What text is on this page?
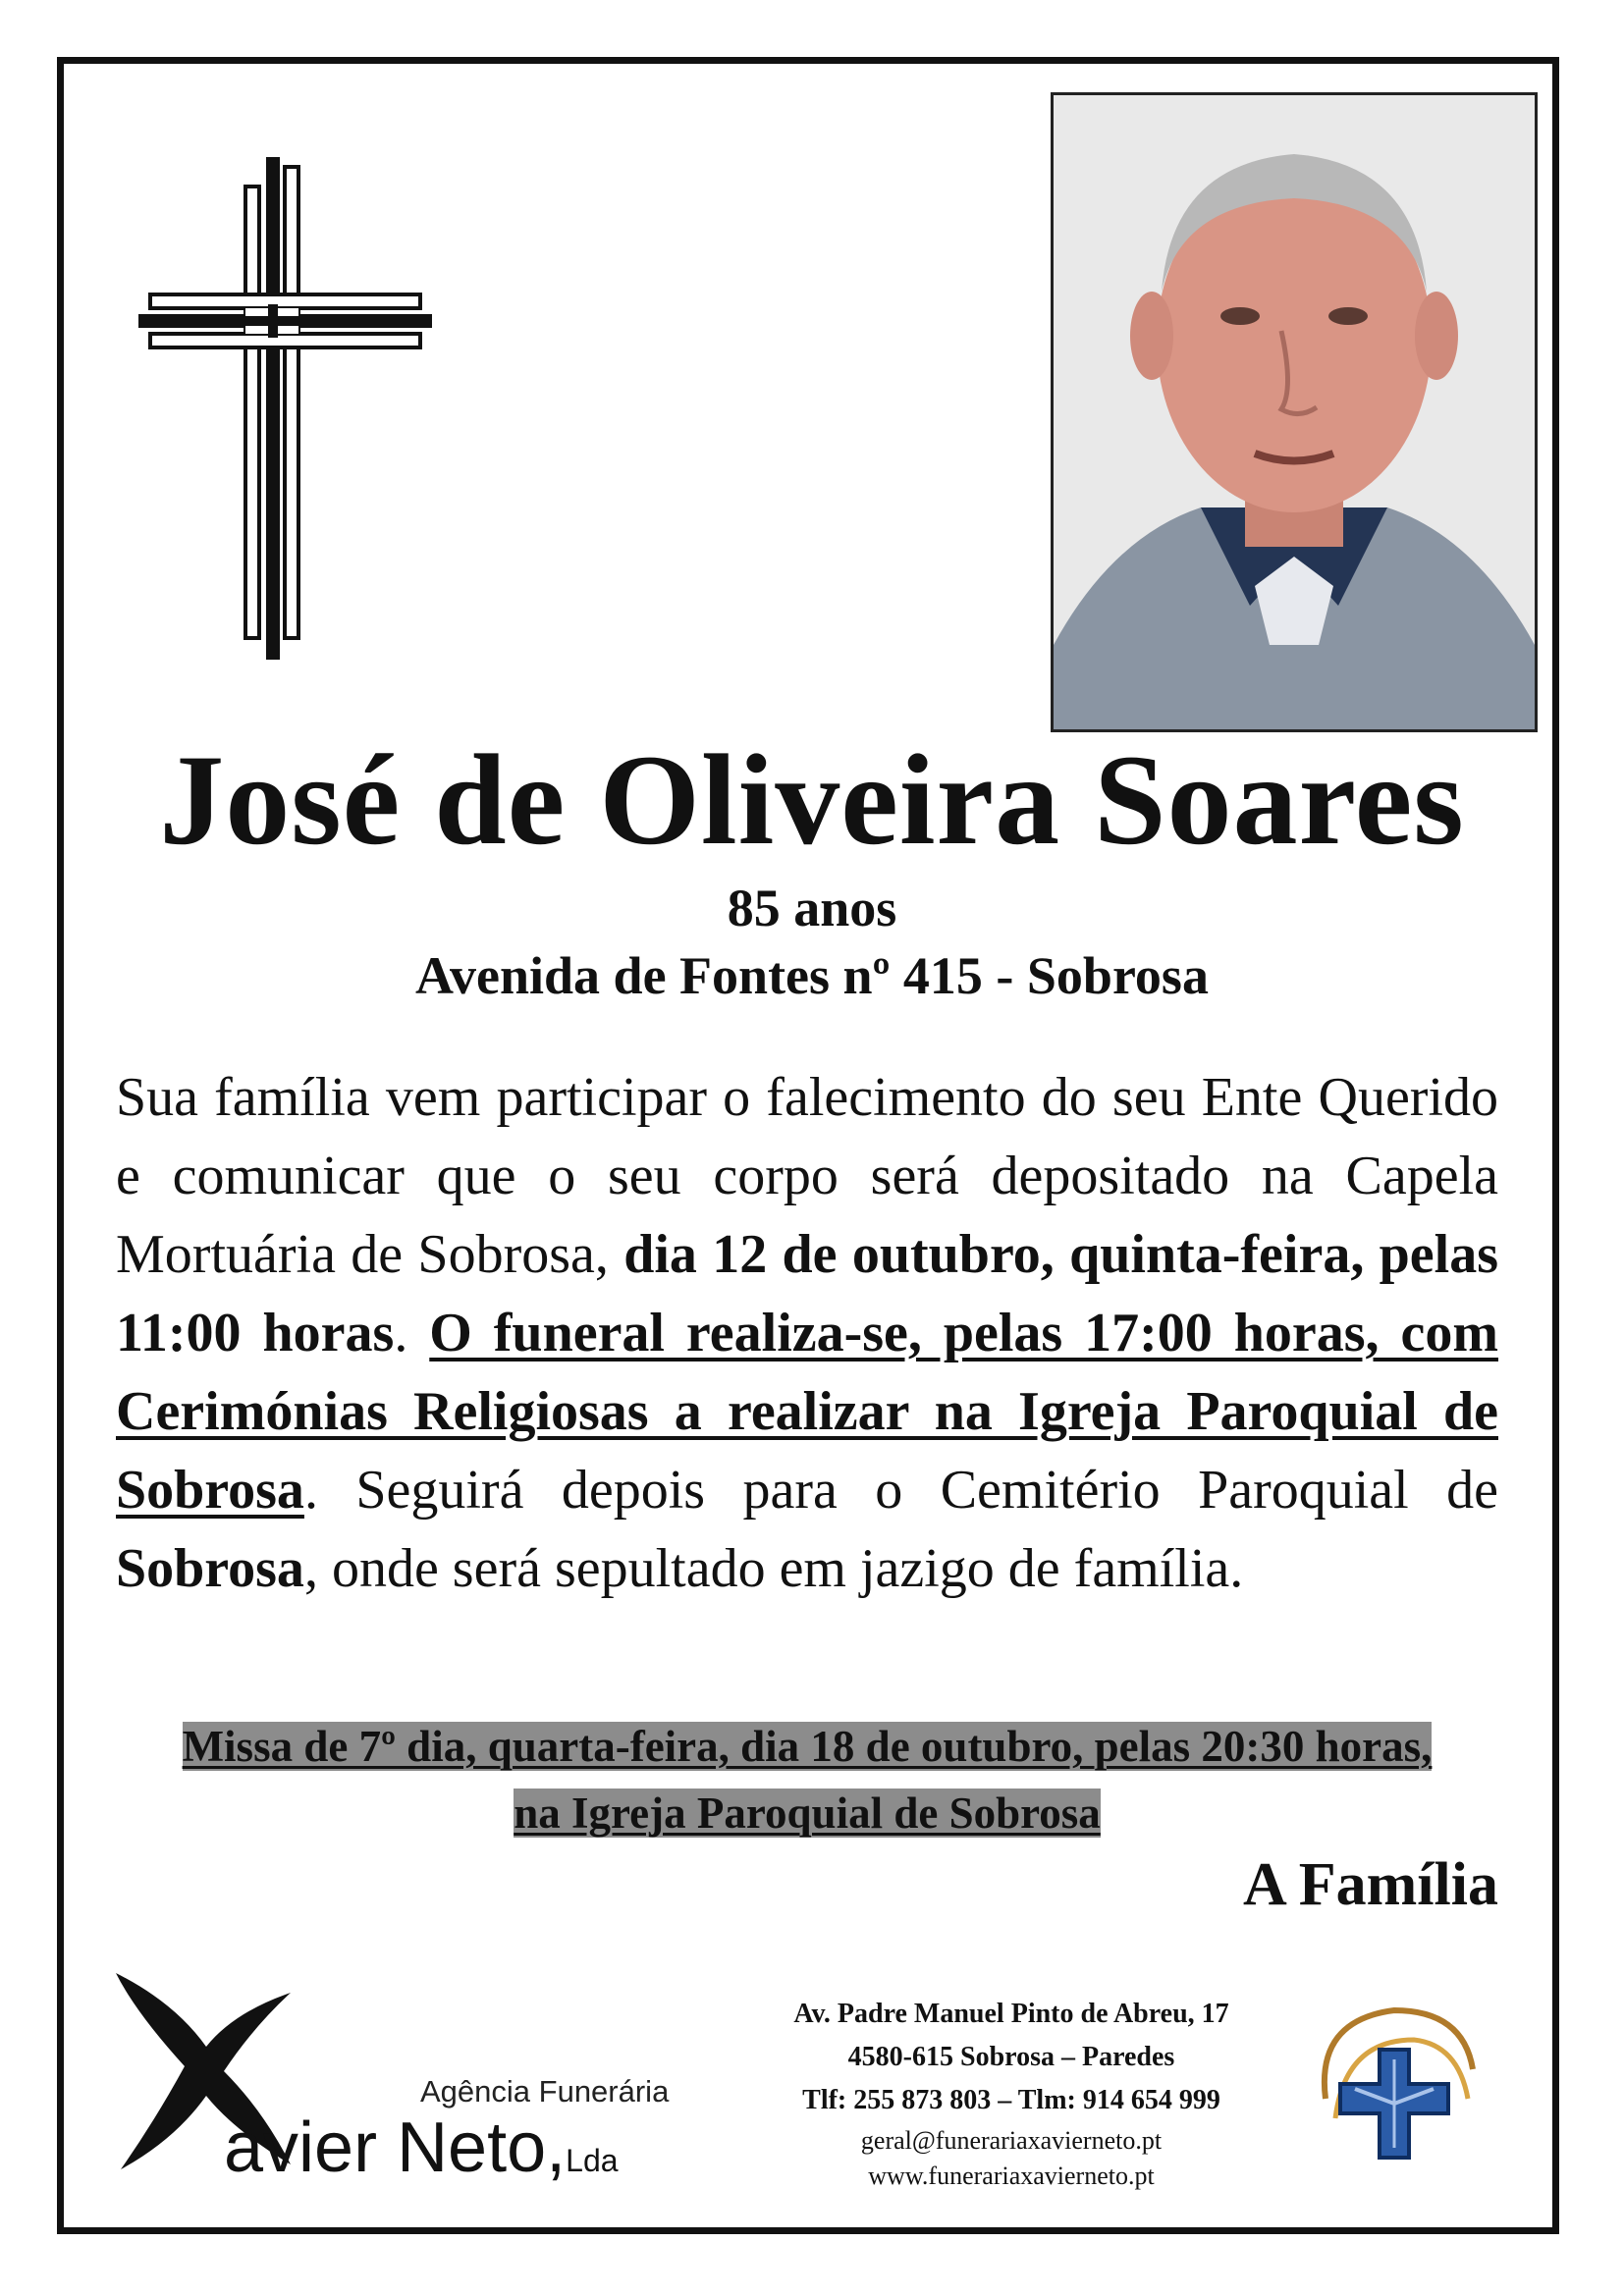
José de Oliveira Soares
85 anos
Avenida de Fontes nº 415 - Sobrosa
Sua família vem participar o falecimento do seu Ente Querido e comunicar que o seu corpo será depositado na Capela Mortuária de Sobrosa, dia 12 de outubro, quinta-feira, pelas 11:00 horas. O funeral realiza-se, pelas 17:00 horas, com Cerimónias Religiosas a realizar na Igreja Paroquial de Sobrosa. Seguirá depois para o Cemitério Paroquial de Sobrosa, onde será sepultado em jazigo de família.
Missa de 7º dia, quarta-feira, dia 18 de outubro, pelas 20:30 horas,
na Igreja Paroquial de Sobrosa
A Família
Agência Funerária
avier Neto,Lda
Av. Padre Manuel Pinto de Abreu, 17
4580-615 Sobrosa – Paredes
Tlf: 255 873 803 – Tlm: 914 654 999
geral@funerariaxavierneto.pt
www.funerariaxavierneto.pt
